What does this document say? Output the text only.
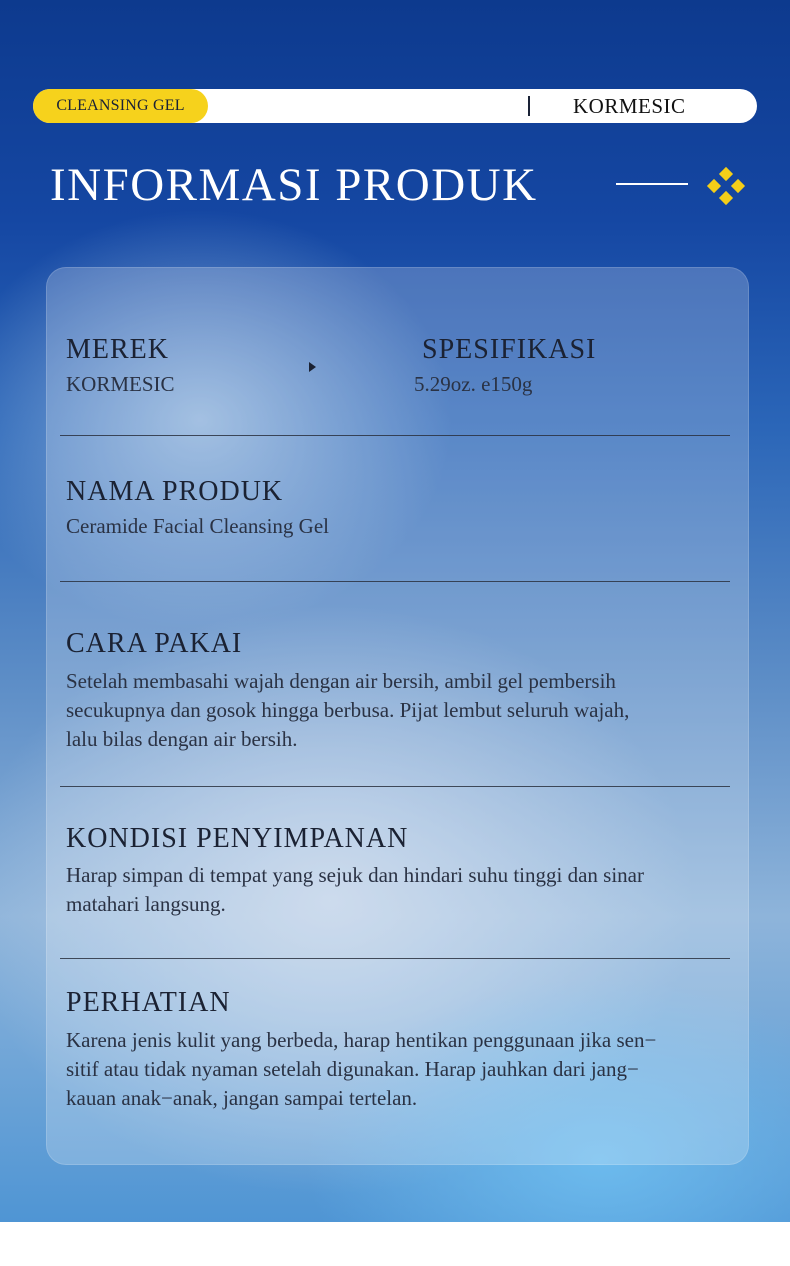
CLEANSING GEL	KORMESIC
INFORMASI PRODUK
MEREK
KORMESIC
SPESIFIKASI
5.29oz. e150g
NAMA PRODUK
Ceramide Facial Cleansing Gel
CARA PAKAI
Setelah membasahi wajah dengan air bersih, ambil gel pembersih
secukupnya dan gosok hingga berbusa. Pijat lembut seluruh wajah,
lalu bilas dengan air bersih.
KONDISI PENYIMPANAN
Harap simpan di tempat yang sejuk dan hindari suhu tinggi dan sinar
matahari langsung.
PERHATIAN
Karena jenis kulit yang berbeda, harap hentikan penggunaan jika sen−
sitif atau tidak nyaman setelah digunakan. Harap jauhkan dari jang−
kauan anak−anak, jangan sampai tertelan.
